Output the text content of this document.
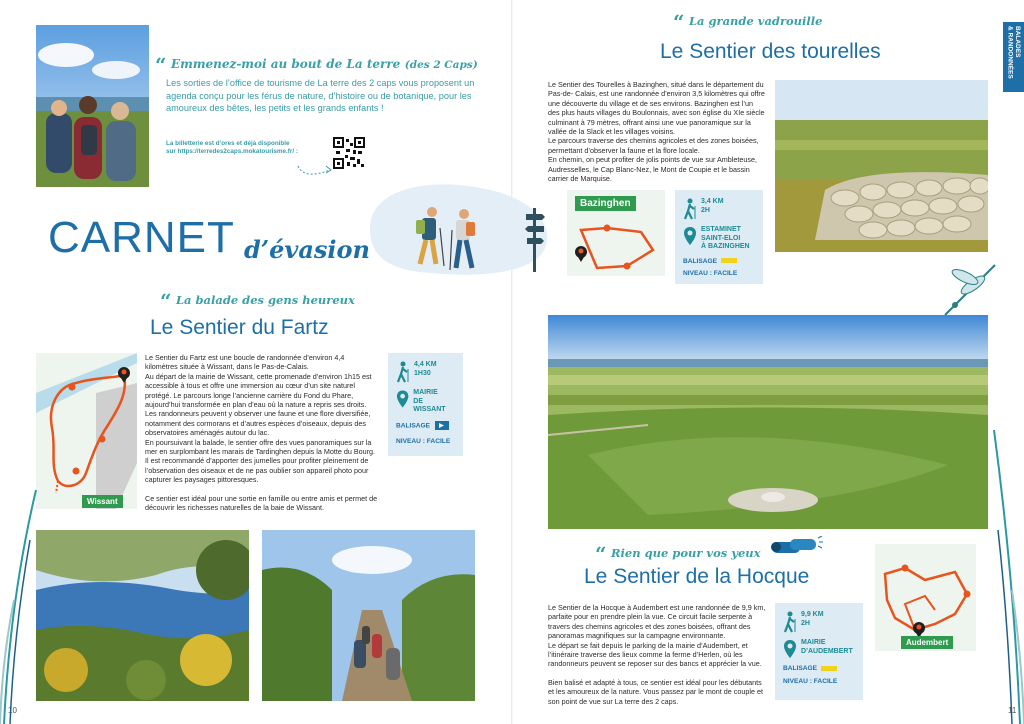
“ Emmenez-moi au bout de La terre (des 2 Caps)
Les sorties de l’office de tourisme de La terre des 2 caps vous proposent un agenda conçu pour les férus de nature, d’histoire ou de botanique, pour les amoureux des bêtes, les petits et les grands enfants !
La billetterie est d’ores et déjà disponible
sur https://terredes2caps.mokatourisme.fr/ :
CARNET d’évasion
“ La balade des gens heureux
Le Sentier du Fartz
Wissant

Le Sentier du Fartz est une boucle de randonnée d’environ 4,4 kilomètres située à Wissant, dans le Pas-de-Calais.

Au départ de la mairie de Wissant, cette promenade d’environ 1h15 est accessible à tous et offre une immersion au cœur d’un site naturel protégé. Le parcours longe l’ancienne carrière du Fond du Phare, aujourd’hui transformée en plan d’eau où la nature a repris ses droits. Les randonneurs peuvent y observer une faune et une flore diversifiée, notamment des cormorans et d’autres espèces d’oiseaux, depuis des observatoires aménagés autour du lac.

En poursuivant la balade, le sentier offre des vues panoramiques sur la mer en surplombant les marais de Tardinghen depuis la Motte du Bourg. Il est recommandé d’apporter des jumelles pour profiter pleinement de l’observation des oiseaux et de ne pas oublier son appareil photo pour capturer les paysages pittoresques.

Ce sentier est idéal pour une sortie en famille ou entre amis et permet de découvrir les richesses naturelles de la baie de Wissant.

4,4 KM
1H30
MAIRIE
DE WISSANT
BALISAGE
NIVEAU : FACILE
10
“ La grande vadrouille
Le Sentier des tourelles	BALADES
& RANDONNÉES

Le Sentier des Tourelles à Bazinghen, situé dans le département du Pas-de- Calais, est une randonnée d’environ 3,5 kilomètres qui offre une découverte du village et de ses environs. Bazinghen est l’un des plus hauts villages du Boulonnais, avec son église du XIe siècle culminant à 79 mètres, offrant ainsi une vue panoramique sur la vallée de la Slack et les villages voisins.

Le parcours traverse des chemins agricoles et des zones boisées, permettant d’observer la faune et la flore locale.

En chemin, on peut profiter de jolis points de vue sur Ambleteuse, Audresselles, le Cap Blanc-Nez, le Mont de Coupie et le bassin carrier de Marquise.

Bazinghen	3,4 KM
2H
ESTAMINET
SAINT-ELOI
À BAZINGHEN
BALISAGE
NIVEAU : FACILE
“ Rien que pour vos yeux
Le Sentier de la Hocque

Le Sentier de la Hocque à Audembert est une randonnée de 9,9 km, parfaite pour en prendre plein la vue. Ce circuit facile serpente à travers des chemins agricoles et des zones boisées, offrant des panoramas magnifiques sur la campagne environnante.

Le départ se fait depuis le parking de la mairie d’Audembert, et l’itinéraire traverse des lieux comme la ferme d’Herlen, où les randonneurs peuvent se reposer sur des bancs et apprécier la vue.

Bien balisé et adapté à tous, ce sentier est idéal pour les débutants et les amoureux de la nature. Vous passez par le mont de couple et son point de vue sur La terre des 2 caps.

9,9 KM
2H
MAIRIE
D’AUDEMBERT
BALISAGE
NIVEAU : FACILE
Audembert
11
